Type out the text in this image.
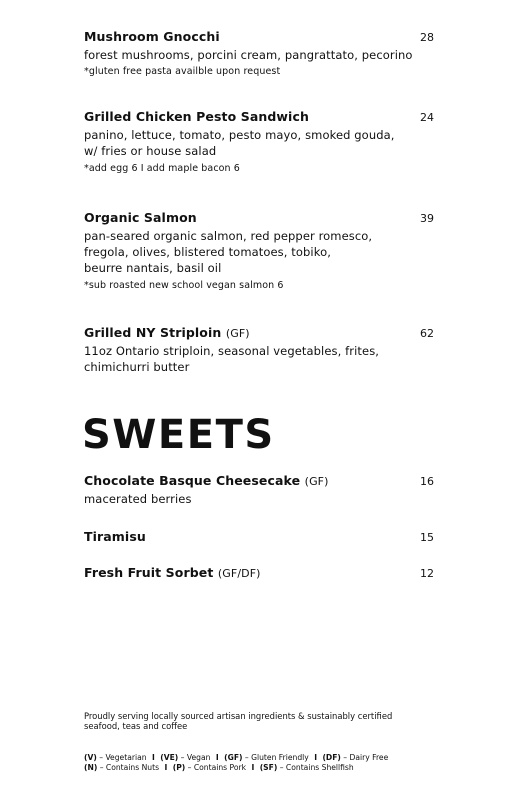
Mushroom Gnocchi	28
forest mushrooms, porcini cream, pangrattato, pecorino
*gluten free pasta availble upon request
Grilled Chicken Pesto Sandwich	24
panino, lettuce, tomato, pesto mayo, smoked gouda,
w/ fries or house salad
*add egg 6 I add maple bacon 6
Organic Salmon	39
pan-seared organic salmon, red pepper romesco,
fregola, olives, blistered tomatoes, tobiko,
beurre nantais, basil oil
*sub roasted new school vegan salmon 6
Grilled NY Striploin (GF)	62
11oz Ontario striploin, seasonal vegetables, frites,
chimichurri butter
SWEETS
Chocolate Basque Cheesecake (GF)	16
macerated berries
Tiramisu	15
Fresh Fruit Sorbet (GF/DF)	12
Proudly serving locally sourced artisan ingredients & sustainably certified seafood, teas and coffee
(V) – Vegetarian I (VE) – Vegan I (GF) – Gluten Friendly I (DF) – Dairy Free
(N) – Contains Nuts I (P) – Contains Pork I (SF) – Contains Shellfish
